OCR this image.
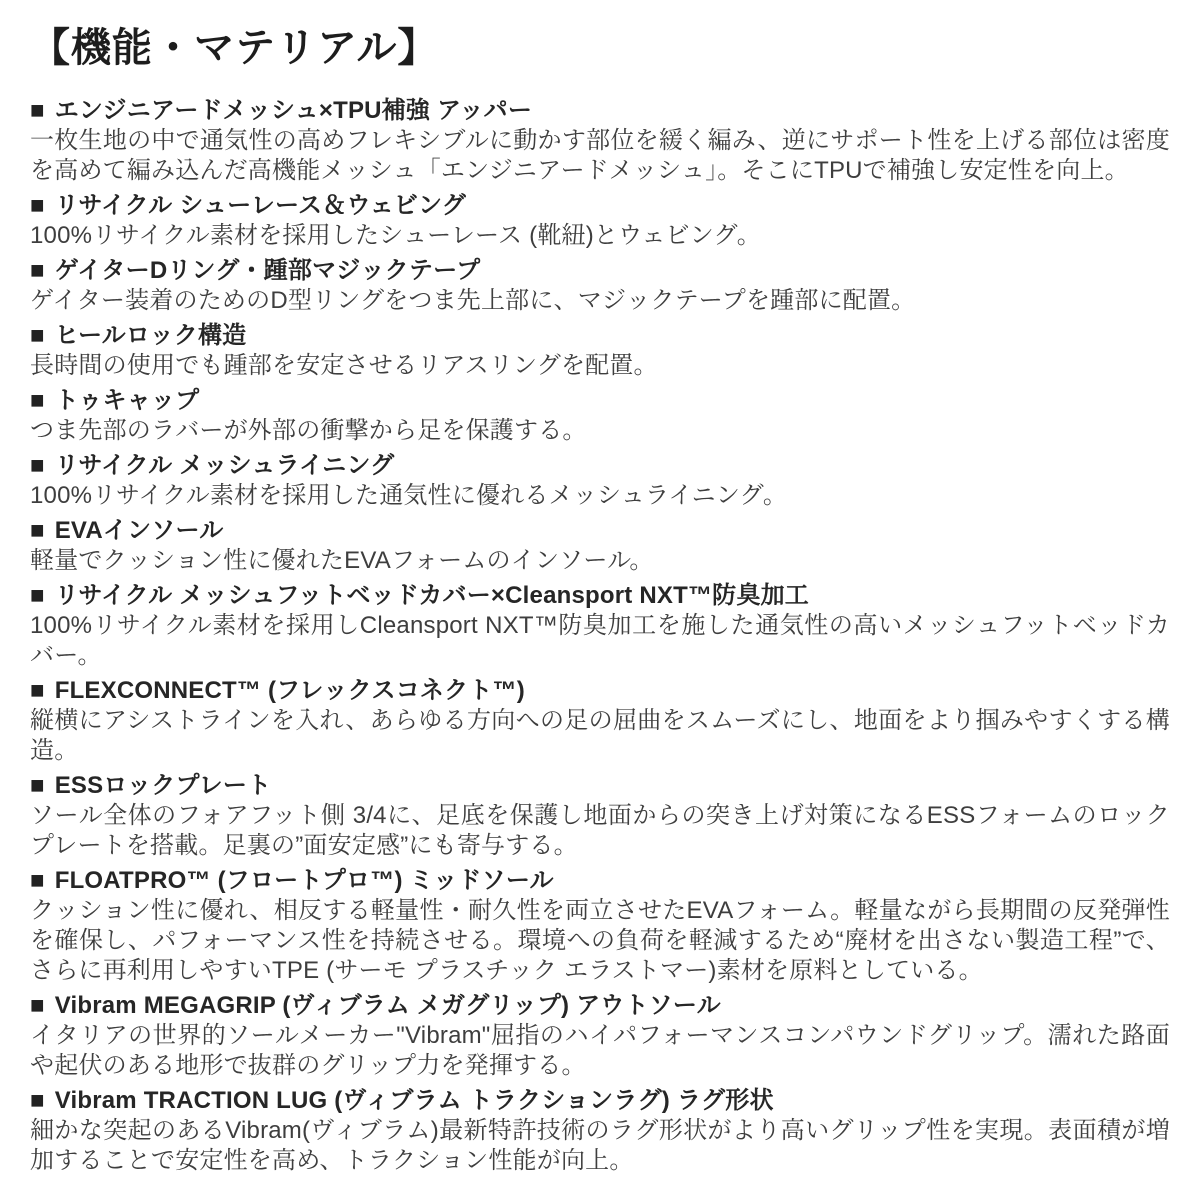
【機能・マテリアル】
■ エンジニアードメッシュ×TPU補強 アッパー

一枚生地の中で通気性の高めフレキシブルに動かす部位を緩く編み、逆にサポート性を上げる部位は密度を高めて編み込んだ高機能メッシュ「エンジニアードメッシュ」。そこにTPUで補強し安定性を向上。

■ リサイクル シューレース＆ウェビング

100%リサイクル素材を採用したシューレース (靴紐)とウェビング。

■ ゲイターDリング・踵部マジックテープ

ゲイター装着のためのD型リングをつま先上部に、マジックテープを踵部に配置。

■ ヒールロック構造

長時間の使用でも踵部を安定させるリアスリングを配置。

■ トゥキャップ

つま先部のラバーが外部の衝撃から足を保護する。

■ リサイクル メッシュライニング

100%リサイクル素材を採用した通気性に優れるメッシュライニング。

■ EVAインソール

軽量でクッション性に優れたEVAフォームのインソール。

■ リサイクル メッシュフットベッドカバー×Cleansport NXT™防臭加工

100%リサイクル素材を採用しCleansport NXT™防臭加工を施した通気性の高いメッシュフットベッドカバー。

■ FLEXCONNECT™ (フレックスコネクト™)

縦横にアシストラインを入れ、あらゆる方向への足の屈曲をスムーズにし、地面をより掴みやすくする構造。

■ ESSロックプレート

ソール全体のフォアフット側 3/4に、足底を保護し地面からの突き上げ対策になるESSフォームのロックプレートを搭載。足裏の”面安定感”にも寄与する。

■ FLOATPRO™ (フロートプロ™) ミッドソール

クッション性に優れ、相反する軽量性・耐久性を両立させたEVAフォーム。軽量ながら長期間の反発弾性を確保し、パフォーマンス性を持続させる。環境への負荷を軽減するため“廃材を出さない製造工程”で、さらに再利用しやすいTPE (サーモ プラスチック エラストマー)素材を原料としている。

■ Vibram MEGAGRIP (ヴィブラム メガグリップ) アウトソール

イタリアの世界的ソールメーカー"Vibram"屈指のハイパフォーマンスコンパウンドグリップ。濡れた路面や起伏のある地形で抜群のグリップ力を発揮する。

■ Vibram TRACTION LUG (ヴィブラム トラクションラグ) ラグ形状

細かな突起のあるVibram(ヴィブラム)最新特許技術のラグ形状がより高いグリップ性を実現。表面積が増加することで安定性を高め、トラクション性能が向上。
